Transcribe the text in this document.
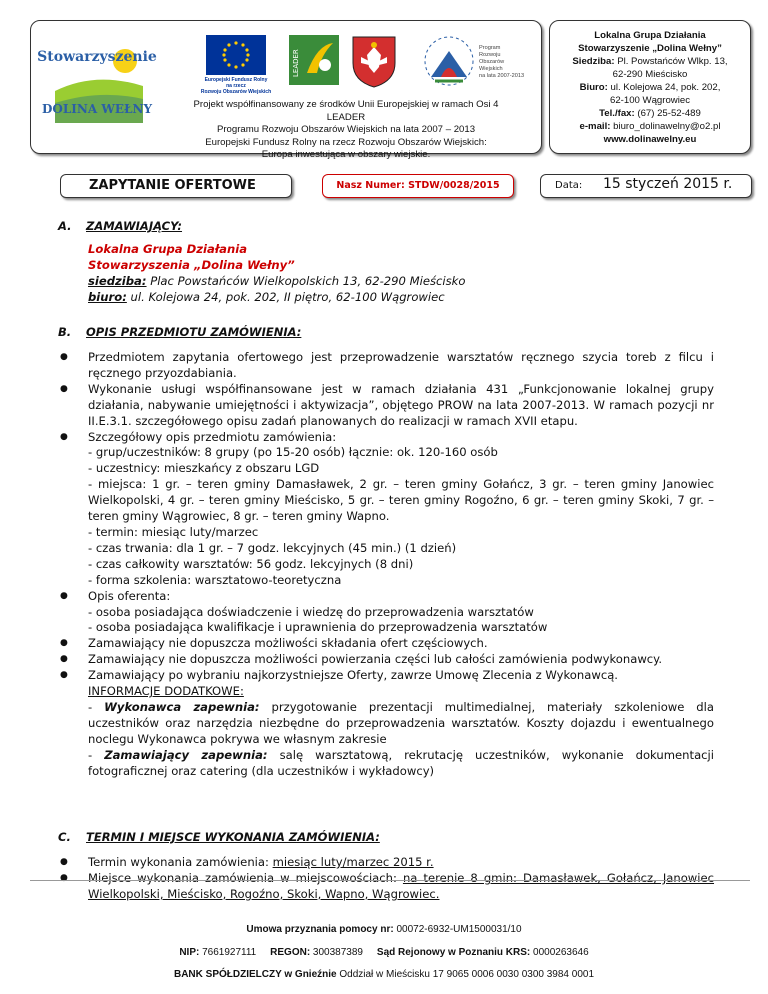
Stowarzyszenie
DOLINA WEŁNY
Europejski Fundusz Rolny
na rzecz
Rozwoju Obszarów Wiejskich
LEADER
Program
Rozwoju
Obszarów
Wiejskich
na lata 2007-2013
Projekt współfinansowany ze środków Unii Europejskiej w ramach Osi 4 LEADER
Programu Rozwoju Obszarów Wiejskich na lata 2007 – 2013
Europejski Fundusz Rolny na rzecz Rozwoju Obszarów Wiejskich:
Europa inwestująca w obszary wiejskie.
Lokalna Grupa Działania
Stowarzyszenie „Dolina Wełny”
Siedziba: Pl. Powstańców Wlkp. 13,
62-290 Mieścisko
Biuro: ul. Kolejowa 24, pok. 202,
62-100 Wągrowiec
Tel./fax: (67) 25-52-489
e-mail: biuro_dolinawelny@o2.pl
www.dolinawelny.eu
ZAPYTANIE OFERTOWE	Nasz Numer: STDW/0028/2015	Data: 15 styczeń 2015 r.
A. ZAMAWIAJĄCY:
Lokalna Grupa Działania
Stowarzyszenia „Dolina Wełny”
siedziba: Plac Powstańców Wielkopolskich 13, 62-290 Mieścisko
biuro: ul. Kolejowa 24, pok. 202, II piętro, 62-100 Wągrowiec
B. OPIS PRZEDMIOTU ZAMÓWIENIA:
● Przedmiotem zapytania ofertowego jest przeprowadzenie warsztatów ręcznego szycia toreb z filcu i ręcznego przyozdabiania.
● Wykonanie usługi współfinansowane jest w ramach działania 431 „Funkcjonowanie lokalnej grupy działania, nabywanie umiejętności i aktywizacja”, objętego PROW na lata 2007-2013. W ramach pozycji nr II.E.3.1. szczegółowego opisu zadań planowanych do realizacji w ramach XVII etapu.
● Szczegółowy opis przedmiotu zamówienia:
- grup/uczestników: 8 grupy (po 15-20 osób) łącznie: ok. 120-160 osób
- uczestnicy: mieszkańcy z obszaru LGD
- miejsca: 1 gr. – teren gminy Damasławek, 2 gr. – teren gminy Gołańcz, 3 gr. – teren gminy Janowiec Wielkopolski, 4 gr. – teren gminy Mieścisko, 5 gr. – teren gminy Rogoźno, 6 gr. – teren gminy Skoki, 7 gr. – teren gminy Wągrowiec, 8 gr. – teren gminy Wapno.
- termin: miesiąc luty/marzec
- czas trwania: dla 1 gr. – 7 godz. lekcyjnych (45 min.) (1 dzień)
- czas całkowity warsztatów: 56 godz. lekcyjnych (8 dni)
- forma szkolenia: warsztatowo-teoretyczna
● Opis oferenta:
- osoba posiadająca doświadczenie i wiedzę do przeprowadzenia warsztatów
- osoba posiadająca kwalifikacje i uprawnienia do przeprowadzenia warsztatów
● Zamawiający nie dopuszcza możliwości składania ofert częściowych.
● Zamawiający nie dopuszcza możliwości powierzania części lub całości zamówienia podwykonawcy.
● Zamawiający po wybraniu najkorzystniejsze Oferty, zawrze Umowę Zlecenia z Wykonawcą.
INFORMACJE DODATKOWE:
- Wykonawca zapewnia: przygotowanie prezentacji multimedialnej, materiały szkoleniowe dla uczestników oraz narzędzia niezbędne do przeprowadzenia warsztatów. Koszty dojazdu i ewentualnego noclegu Wykonawca pokrywa we własnym zakresie
- Zamawiający zapewnia: salę warsztatową, rekrutację uczestników, wykonanie dokumentacji fotograficznej oraz catering (dla uczestników i wykładowcy)
C. TERMIN I MIEJSCE WYKONANIA ZAMÓWIENIA:
● Termin wykonania zamówienia: miesiąc luty/marzec 2015 r.
● Miejsce wykonania zamówienia w miejscowościach: na terenie 8 gmin: Damasławek, Gołańcz, Janowiec Wielkopolski, Mieścisko, Rogoźno, Skoki, Wapno, Wągrowiec.
Umowa przyznania pomocy nr: 00072-6932-UM1500031/10
NIP: 7661927111 REGON: 300387389 Sąd Rejonowy w Poznaniu KRS: 0000263646
BANK SPÓŁDZIELCZY w Gnieźnie Oddział w Mieścisku 17 9065 0006 0030 0300 3984 0001
